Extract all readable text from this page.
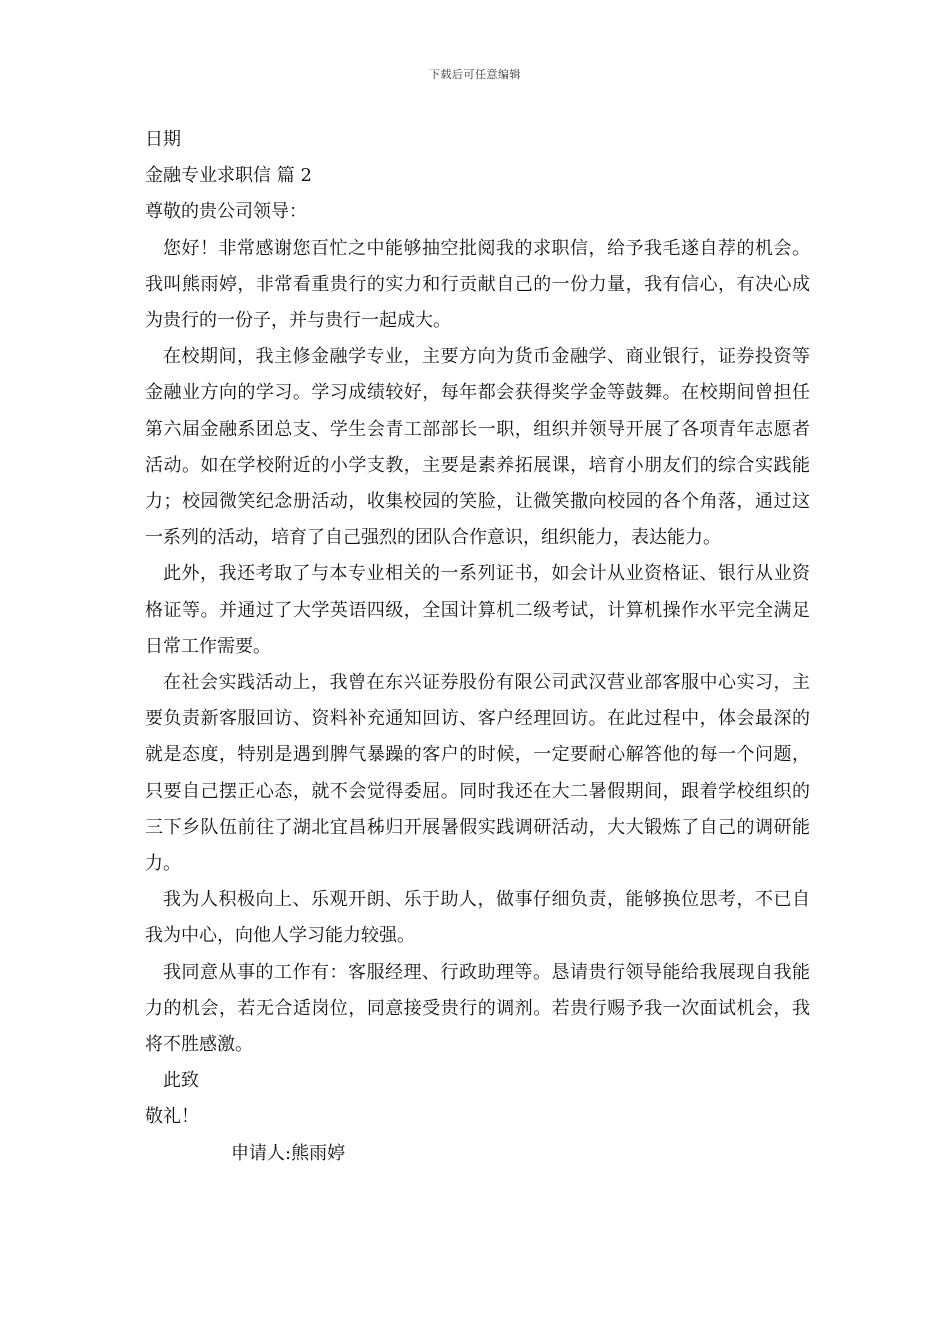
下载后可任意编辑

日期

金融专业求职信 篇 2

尊敬的贵公司领导：

您好！非常感谢您百忙之中能够抽空批阅我的求职信，给予我毛遂自荐的机会。我叫熊雨婷，非常看重贵行的实力和行贡献自己的一份力量，我有信心，有决心成为贵行的一份子，并与贵行一起成大。

在校期间，我主修金融学专业，主要方向为货币金融学、商业银行，证券投资等金融业方向的学习。学习成绩较好，每年都会获得奖学金等鼓舞。在校期间曾担任第六届金融系团总支、学生会青工部部长一职，组织并领导开展了各项青年志愿者活动。如在学校附近的小学支教，主要是素养拓展课，培育小朋友们的综合实践能力；校园微笑纪念册活动，收集校园的笑脸，让微笑撒向校园的各个角落，通过这一系列的活动，培育了自己强烈的团队合作意识，组织能力，表达能力。

此外，我还考取了与本专业相关的一系列证书，如会计从业资格证、银行从业资格证等。并通过了大学英语四级，全国计算机二级考试，计算机操作水平完全满足日常工作需要。

在社会实践活动上，我曾在东兴证券股份有限公司武汉营业部客服中心实习，主要负责新客服回访、资料补充通知回访、客户经理回访。在此过程中，体会最深的就是态度，特别是遇到脾气暴躁的客户的时候，一定要耐心解答他的每一个问题，只要自己摆正心态，就不会觉得委屈。同时我还在大二暑假期间，跟着学校组织的三下乡队伍前往了湖北宜昌秭归开展暑假实践调研活动，大大锻炼了自己的调研能力。

我为人积极向上、乐观开朗、乐于助人，做事仔细负责，能够换位思考，不已自我为中心，向他人学习能力较强。

我同意从事的工作有：客服经理、行政助理等。恳请贵行领导能给我展现自我能力的机会，若无合适岗位，同意接受贵行的调剂。若贵行赐予我一次面试机会，我将不胜感激。

此致

敬礼！

申请人:熊雨婷
